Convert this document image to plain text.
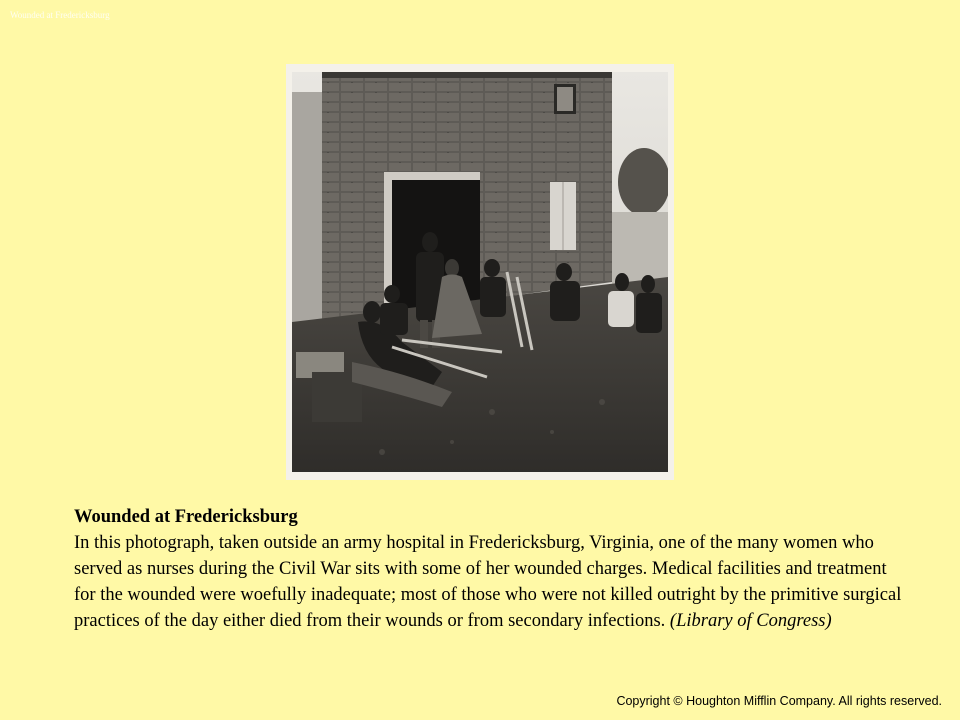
Wounded at Fredericksburg
Wounded at Fredericksburg
In this photograph, taken outside an army hospital in Fredericksburg, Virginia, one of the many women who served as nurses during the Civil War sits with some of her wounded charges. Medical facilities and treatment for the wounded were woefully inadequate; most of those who were not killed outright by the primitive surgical practices of the day either died from their wounds or from secondary infections. (Library of Congress)
Copyright © Houghton Mifflin Company. All rights reserved.
